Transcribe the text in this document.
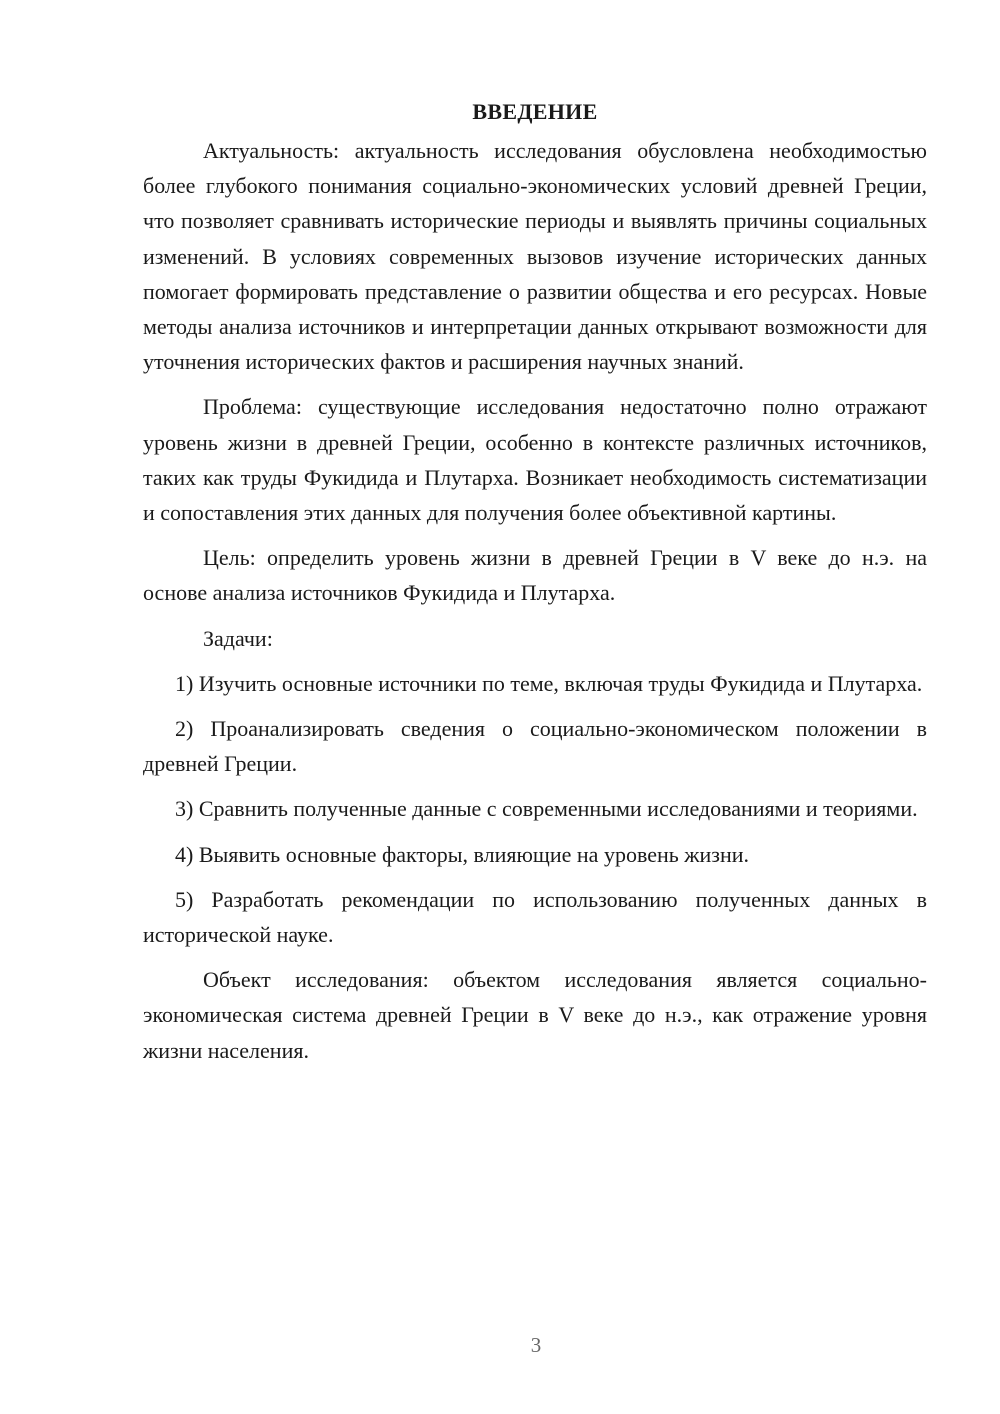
ВВЕДЕНИЕ

Актуальность: актуальность исследования обусловлена необходимостью более глубокого понимания социально-экономических условий древней Греции, что позволяет сравнивать исторические периоды и выявлять причины социальных изменений. В условиях современных вызовов изучение исторических данных помогает формировать представление о развитии общества и его ресурсах. Новые методы анализа источников и интерпретации данных открывают возможности для уточнения исторических фактов и расширения научных знаний.

Проблема: существующие исследования недостаточно полно отражают уровень жизни в древней Греции, особенно в контексте различных источников, таких как труды Фукидида и Плутарха. Возникает необходимость систематизации и сопоставления этих данных для получения более объективной картины.

Цель: определить уровень жизни в древней Греции в V веке до н.э. на основе анализа источников Фукидида и Плутарха.

Задачи:

1) Изучить основные источники по теме, включая труды Фукидида и Плутарха.

2) Проанализировать сведения о социально-экономическом положении в древней Греции.

3) Сравнить полученные данные с современными исследованиями и теориями.

4) Выявить основные факторы, влияющие на уровень жизни.

5) Разработать рекомендации по использованию полученных данных в исторической науке.

Объект исследования: объектом исследования является социально-экономическая система древней Греции в V веке до н.э., как отражение уровня жизни населения.

3
